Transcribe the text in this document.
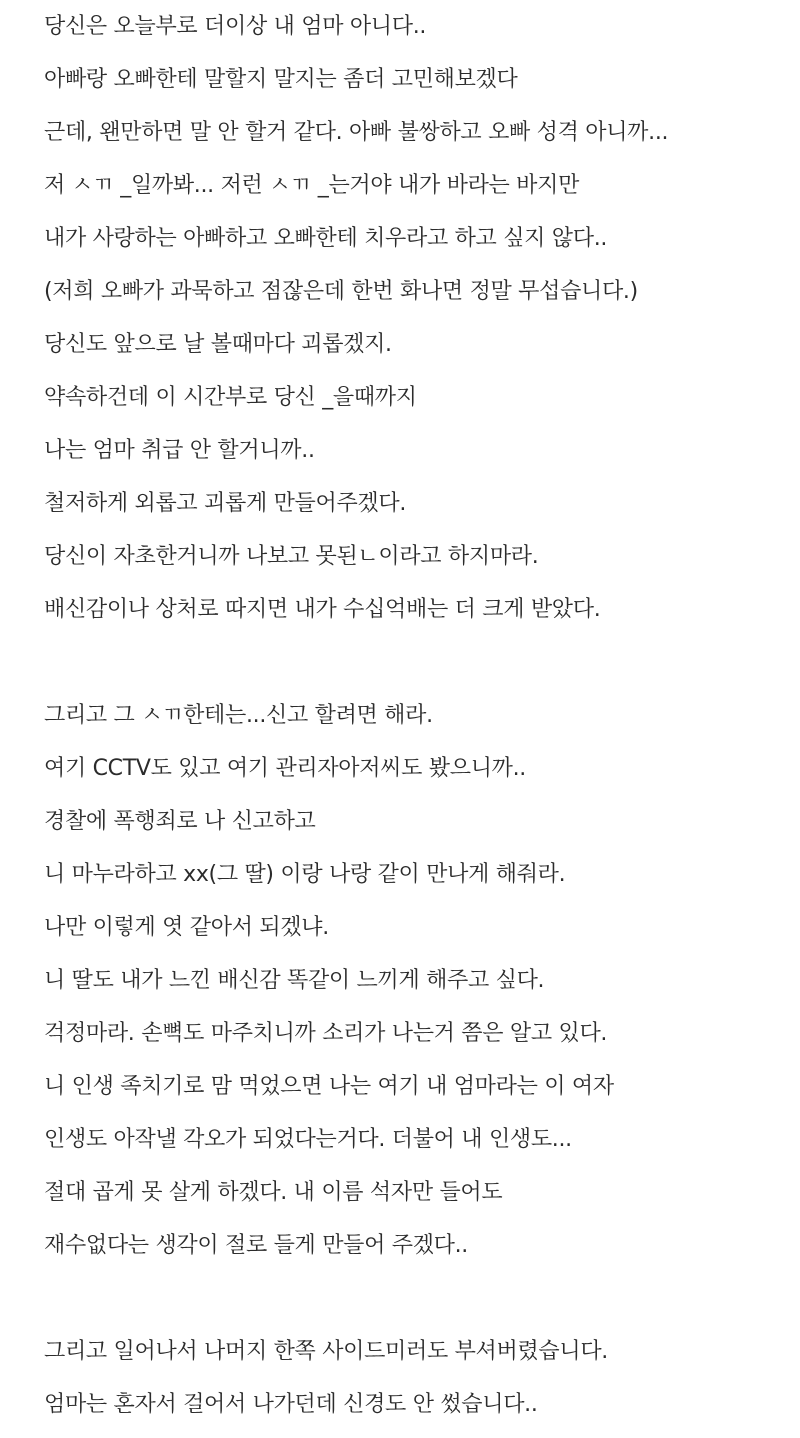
당신은 오늘부로 더이상 내 엄마 아니다..
아빠랑 오빠한테 말할지 말지는 좀더 고민해보겠다
근데, 왠만하면 말 안 할거 같다. 아빠 불쌍하고 오빠 성격 아니까...
저 ㅅㄲ _일까봐... 저런 ㅅㄲ _는거야 내가 바라는 바지만
내가 사랑하는 아빠하고 오빠한테 치우라고 하고 싶지 않다..
(저희 오빠가 과묵하고 점잖은데 한번 화나면 정말 무섭습니다.)
당신도 앞으로 날 볼때마다 괴롭겠지.
약속하건데 이 시간부로 당신 _을때까지
나는 엄마 취급 안 할거니까..
철저하게 외롭고 괴롭게 만들어주겠다.
당신이 자초한거니까 나보고 못된ㄴ이라고 하지마라.
배신감이나 상처로 따지면 내가 수십억배는 더 크게 받았다.
그리고 그 ㅅㄲ한테는...신고 할려면 해라.
여기 CCTV도 있고 여기 관리자아저씨도 봤으니까..
경찰에 폭행죄로 나 신고하고
니 마누라하고 xx(그 딸) 이랑 나랑 같이 만나게 해줘라.
나만 이렇게 엿 같아서 되겠냐.
니 딸도 내가 느낀 배신감 똑같이 느끼게 해주고 싶다.
걱정마라. 손뼉도 마주치니까 소리가 나는거 쯤은 알고 있다.
니 인생 족치기로 맘 먹었으면 나는 여기 내 엄마라는 이 여자
인생도 아작낼 각오가 되었다는거다. 더불어 내 인생도...
절대 곱게 못 살게 하겠다. 내 이름 석자만 들어도
재수없다는 생각이 절로 들게 만들어 주겠다..
그리고 일어나서 나머지 한쪽 사이드미러도 부셔버렸습니다.
엄마는 혼자서 걸어서 나가던데 신경도 안 썼습니다..
